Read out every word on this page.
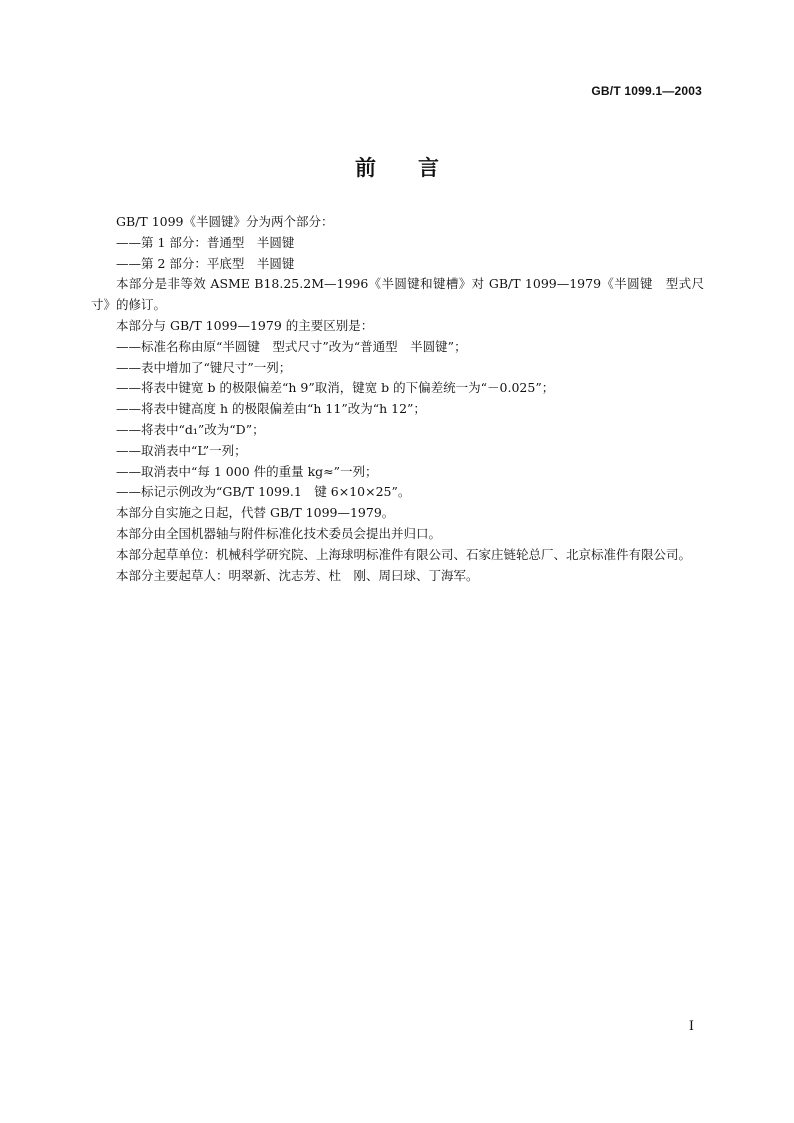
GB/T 1099.1—2003
前 言

GB/T 1099《半圆键》分为两个部分：

——第 1 部分：普通型　半圆键

——第 2 部分：平底型　半圆键

本部分是非等效 ASME B18.25.2M—1996《半圆键和键槽》对 GB/T 1099—1979《半圆键　型式尺寸》的修订。

本部分与 GB/T 1099—1979 的主要区别是：

——标准名称由原“半圆键　型式尺寸”改为“普通型　半圆键”；

——表中增加了“键尺寸”一列；

——将表中键宽 b 的极限偏差“h 9”取消，键宽 b 的下偏差统一为“－0.025”；

——将表中键高度 h 的极限偏差由“h 11”改为“h 12”；

——将表中“d₁”改为“D”；

——取消表中“L”一列；

——取消表中“每 1 000 件的重量 kg≈”一列；

——标记示例改为“GB/T 1099.1　键 6×10×25”。

本部分自实施之日起，代替 GB/T 1099—1979。

本部分由全国机器轴与附件标准化技术委员会提出并归口。

本部分起草单位：机械科学研究院、上海球明标准件有限公司、石家庄链轮总厂、北京标准件有限公司。

本部分主要起草人：明翠新、沈志芳、杜　刚、周曰球、丁海军。

I
